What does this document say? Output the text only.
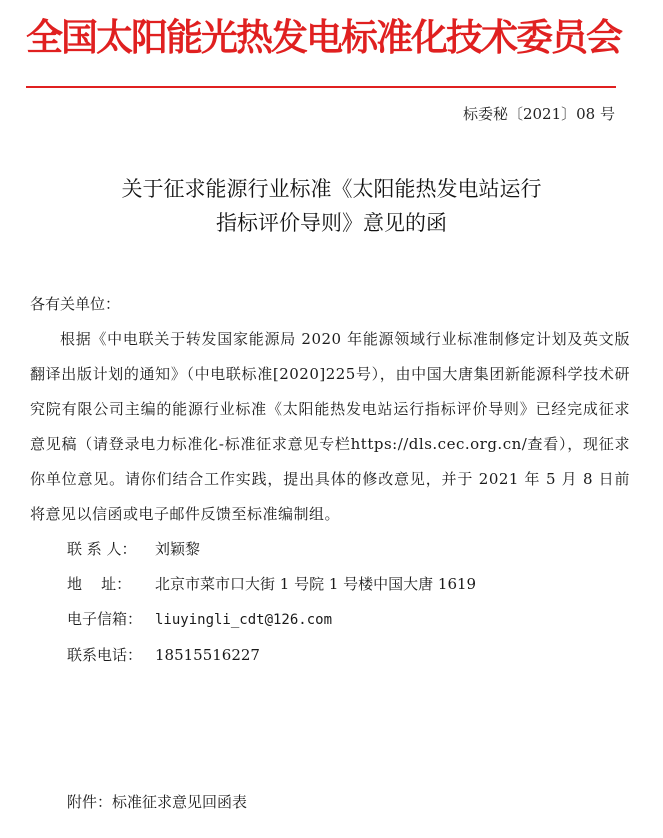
全国太阳能光热发电标准化技术委员会
标委秘〔2021〕08 号
关于征求能源行业标准《太阳能热发电站运行
指标评价导则》意见的函
各有关单位：
根据《中电联关于转发国家能源局 2020 年能源领域行业标准制修定计划及英文版翻译出版计划的通知》（中电联标准[2020]225号），由中国大唐集团新能源科学技术研究院有限公司主编的能源行业标准《太阳能热发电站运行指标评价导则》已经完成征求意见稿（请登录电力标准化-标准征求意见专栏https://dls.cec.org.cn/查看），现征求你单位意见。请你们结合工作实践，提出具体的修改意见，并于 2021 年 5 月 8 日前将意见以信函或电子邮件反馈至标准编制组。
联 系 人： 刘颖黎
地    址： 北京市菜市口大街 1 号院 1 号楼中国大唐 1619
电子信箱： liuyingli_cdt@126.com
联系电话： 18515516227
附件：标准征求意见回函表
